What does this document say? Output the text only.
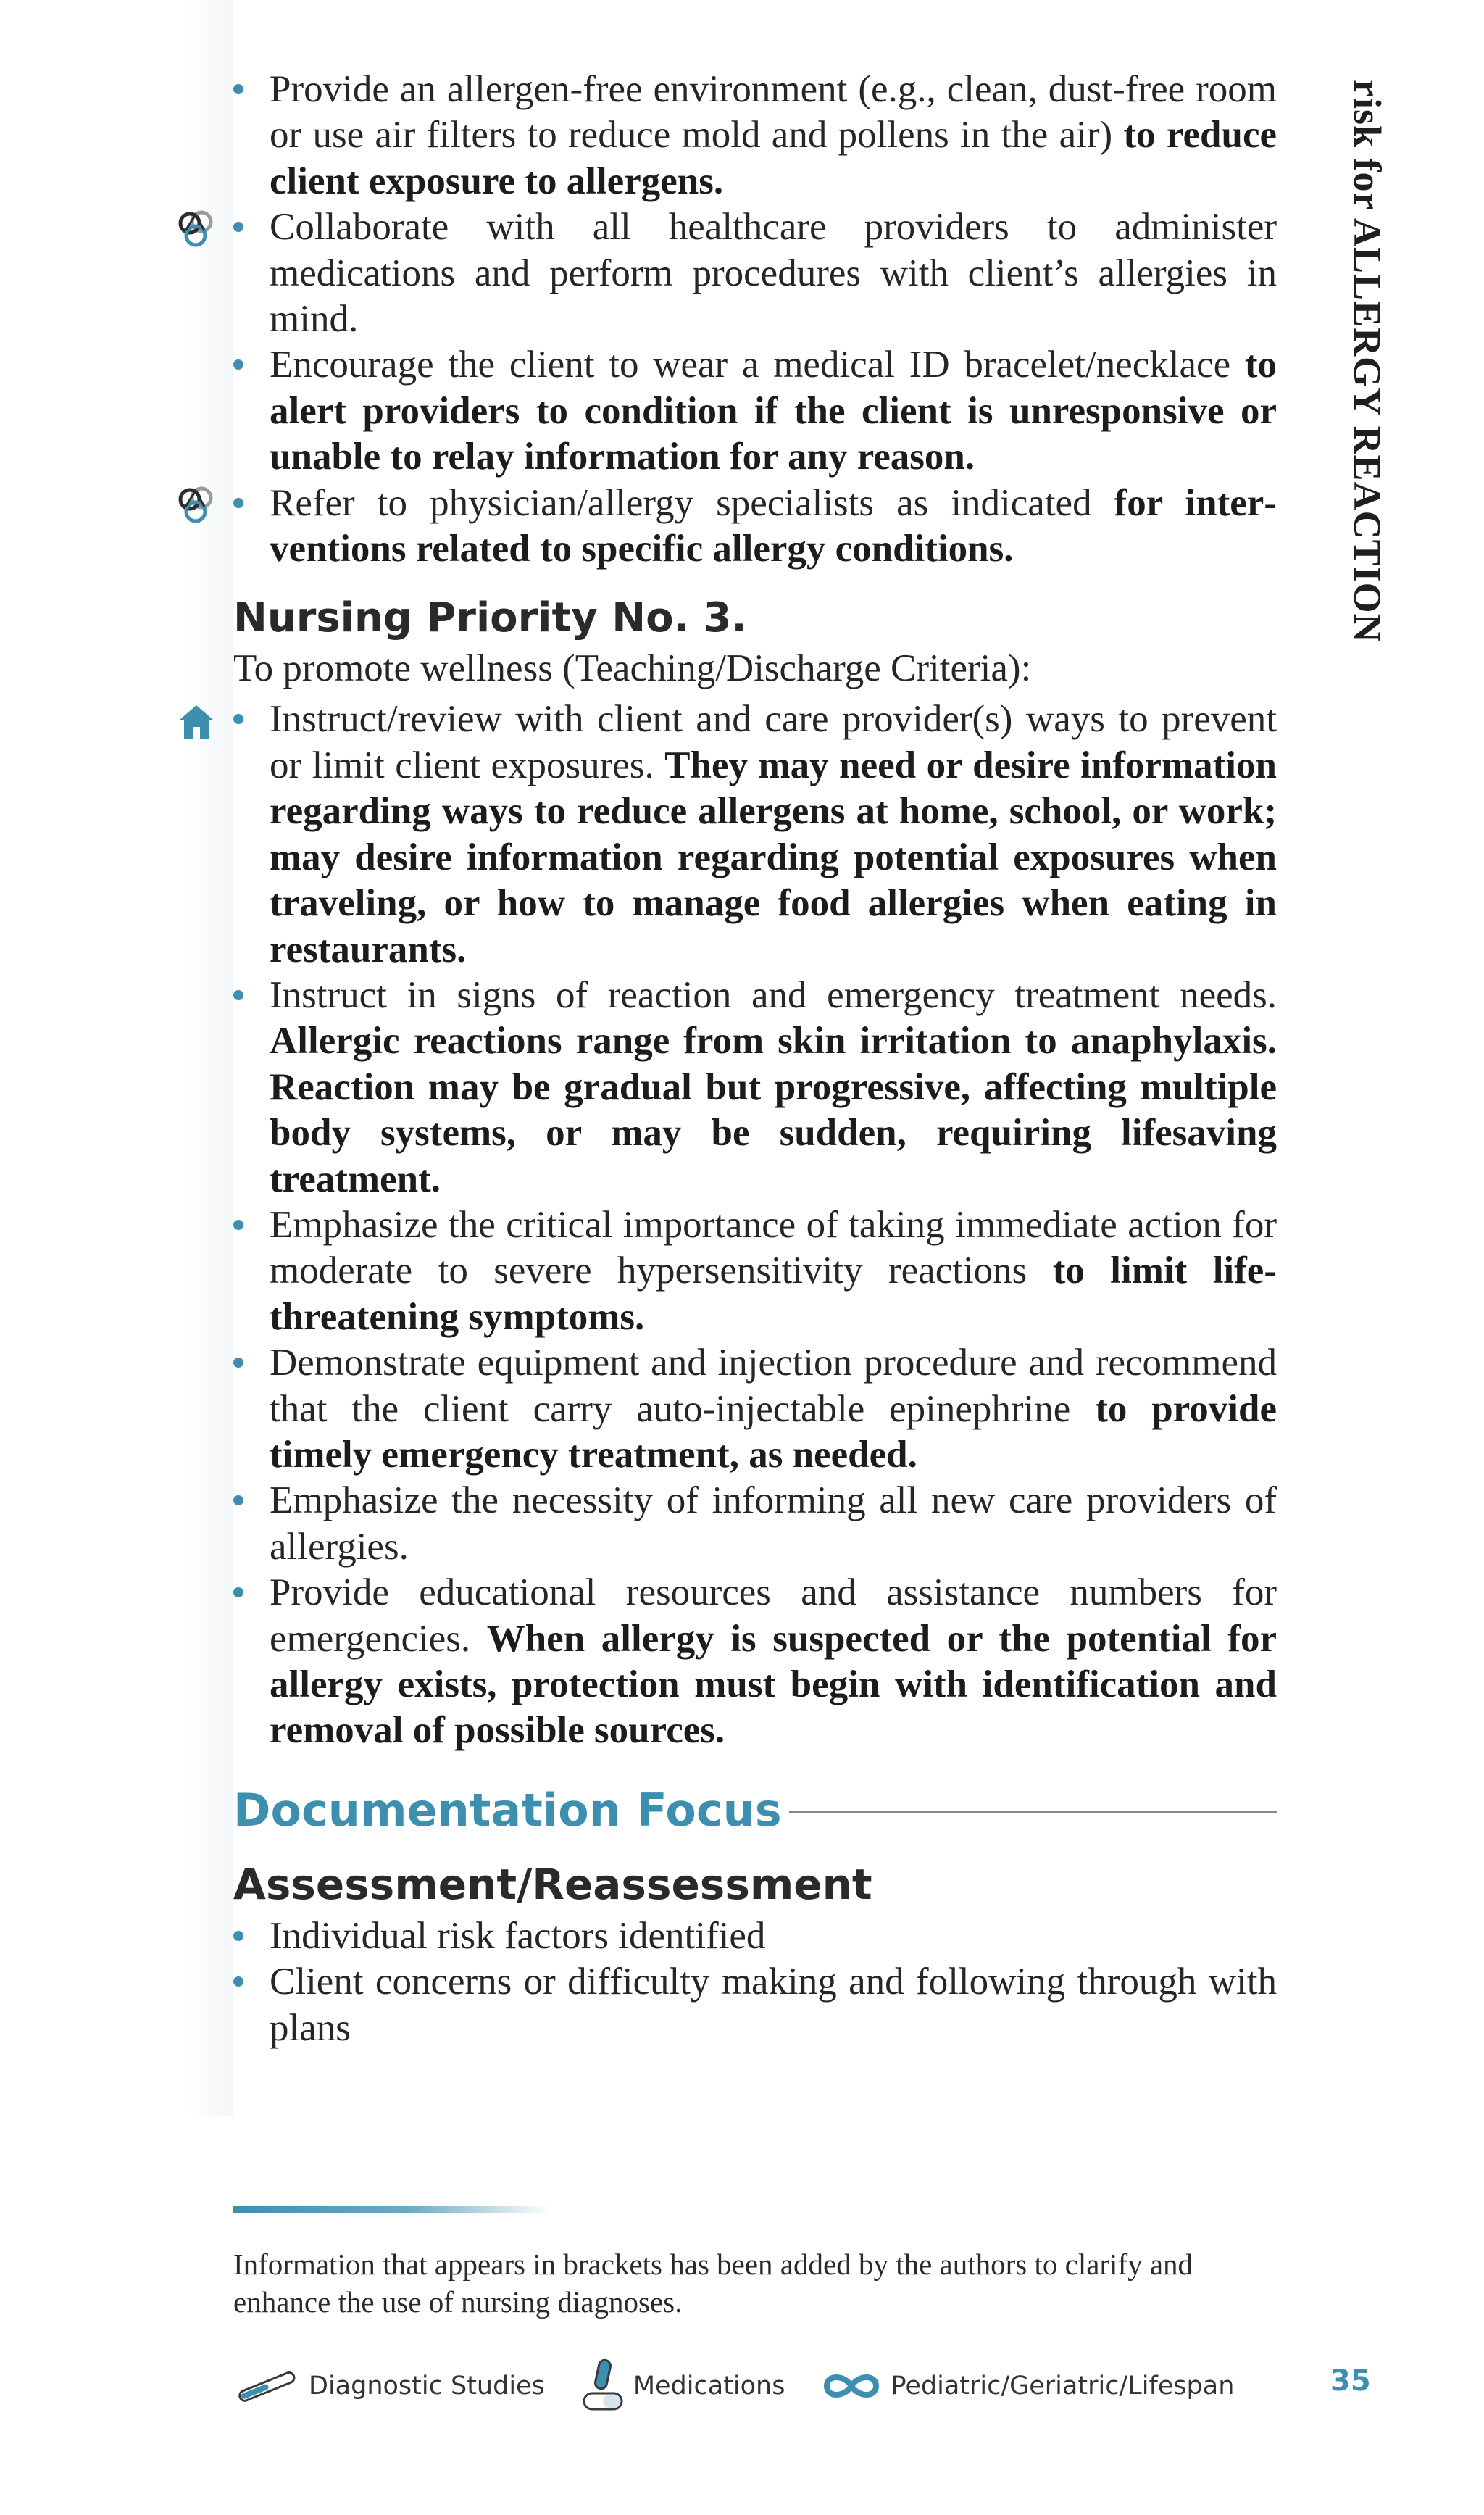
risk for ALLERGY REACTION
Provide an allergen-free environment (e.g., clean, dust-free room or use air filters to reduce mold and pollens in the air) to reduce client exposure to allergens.
Collaborate with all healthcare providers to administer medications and perform procedures with client’s allergies in mind.
Encourage the client to wear a medical ID bracelet/necklace to alert providers to condition if the client is unresponsive or unable to relay information for any reason.
Refer to physician/allergy specialists as indicated for interventions related to specific allergy conditions.
Nursing Priority No. 3.

To promote wellness (Teaching/Discharge Criteria):

Instruct/review with client and care provider(s) ways to prevent or limit client exposures. They may need or desire information regarding ways to reduce allergens at home, school, or work; may desire information regarding potential exposures when traveling, or how to manage food allergies when eating in restaurants.
Instruct in signs of reaction and emergency treatment needs. Allergic reactions range from skin irritation to anaphylaxis. Reaction may be gradual but progressive, affecting multiple body systems, or may be sudden, requiring lifesaving treatment.
Emphasize the critical importance of taking immediate action for moderate to severe hypersensitivity reactions to limit lifethreatening symptoms.
Demonstrate equipment and injection procedure and recommend that the client carry auto-injectable epinephrine to provide timely emergency treatment, as needed.
Emphasize the necessity of informing all new care providers of allergies.
Provide educational resources and assistance numbers for emergencies. When allergy is suspected or the potential for allergy exists, protection must begin with identification and removal of possible sources.
Documentation Focus
Assessment/Reassessment
Individual risk factors identified
Client concerns or difficulty making and following through with plans
Information that appears in brackets has been added by the authors to clarify and enhance the use of nursing diagnoses.
Diagnostic Studies	Medications	Pediatric/Geriatric/Lifespan	35
